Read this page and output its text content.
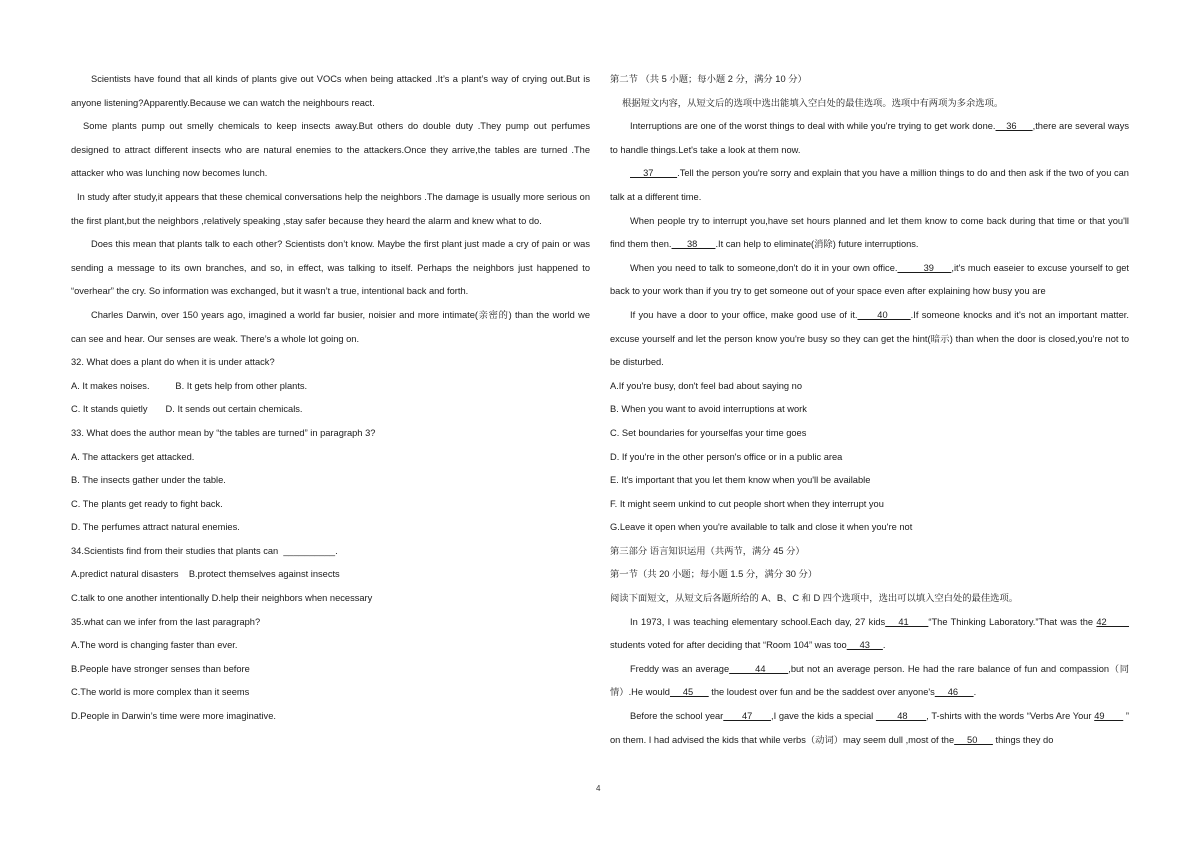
Scientists have found that all kinds of plants give out VOCs when being attacked .It’s a plant’s way of crying out.But is anyone listening?Apparently.Because we can watch the neighbours react.

Some plants pump out smelly chemicals to keep insects away.But others do double duty .They pump out perfumes designed to attract different insects who are natural enemies to the attackers.Once they arrive,the tables are turned .The attacker who was lunching now becomes lunch.

In study after study,it appears that these chemical conversations help the neighbors .The damage is usually more serious on the first plant,but the neighbors ,relatively speaking ,stay safer because they heard the alarm and knew what to do.

Does this mean that plants talk to each other? Scientists don’t know. Maybe the first plant just made a cry of pain or was sending a message to its own branches, and so, in effect, was talking to itself. Perhaps the neighbors just happened to “overhear” the cry. So information was exchanged, but it wasn’t a true, intentional back and forth.

Charles Darwin, over 150 years ago, imagined a world far busier, noisier and more intimate(亲密的) than the world we can see and hear. Our senses are weak. There’s a whole lot going on.

32. What does a plant do when it is under attack?

A. It makes noises.          B. It gets help from other plants.

C. It stands quietly       D. It sends out certain chemicals.

33. What does the author mean by “the tables are turned” in paragraph 3?

A. The attackers get attacked.

B. The insects gather under the table.

C. The plants get ready to fight back.

D. The perfumes attract natural enemies.

34.Scientists find from their studies that plants can  __________.

A.predict natural disasters    B.protect themselves against insects

C.talk to one another intentionally D.help their neighbors when necessary

35.what can we infer from the last paragraph?

A.The word is changing faster than ever.

B.People have stronger senses than before

C.The world is more complex than it seems

D.People in Darwin’s time were more imaginative.

第二节 （共 5 小题；每小题 2 分，满分 10 分）

根据短文内容，从短文后的选项中选出能填入空白处的最佳选项。选项中有两项为多余选项。

Interruptions are one of the worst things to deal with while you're trying to get work done.    36      ,there are several ways to handle things.Let's take a look at them now.

37         .Tell the person you're sorry and explain that you have a million things to do and then ask if the two of you can talk at a different time.

When people try to interrupt you,have set hours planned and let them know to come back during that time or that you'll find them then.      38       .It can help to eliminate(消除) future interruptions.

When you need to talk to someone,don't do it in your own office.         39      ,it's much easeier to excuse yourself to get back to your work than if you try to get someone out of your space even after explaining how busy you are

If you have a door to your office, make good use of it.      40       .If someone knocks and it's not an important matter. excuse yourself and let the person know you're busy so they can get the hint(暗示) than when the door is closed,you're not to be disturbed.

A.If you're busy, don't feel bad about saying no

B. When you want to avoid interruptions at work

C. Set boundaries for yourselfas your time goes

D. If you're in the other person's office or in a public area

E. It's important that you let them know when you'll be available

F. It might seem unkind to cut people short when they interrupt you

G.Leave it open when you're available to talk and close it when you're not

第三部分 语言知识运用（共两节，满分 45 分）

第一节（共 20 小题；每小题 1.5 分，满分 30 分）

阅读下面短文，从短文后各题所给的 A、B、C 和 D 四个选项中，选出可以填入空白处的最佳选项。

In 1973, I was teaching elementary school.Each day, 27 kids    41      “The Thinking Laboratory.”That was the 42        students voted for after deciding that “Room 104” was too     43     .

Freddy was an average        44       ,but not an average person. He had the rare balance of fun and compassion（同情）.He would     45       the loudest over fun and be the saddest over anyone's     46      .

Before the school year       47       ,I gave the kids a special         48       , T-shirts with the words “Verbs Are Your 49        ” on them. I had advised the kids that while verbs（动词）may seem dull ,most of the     50       things they do

4
